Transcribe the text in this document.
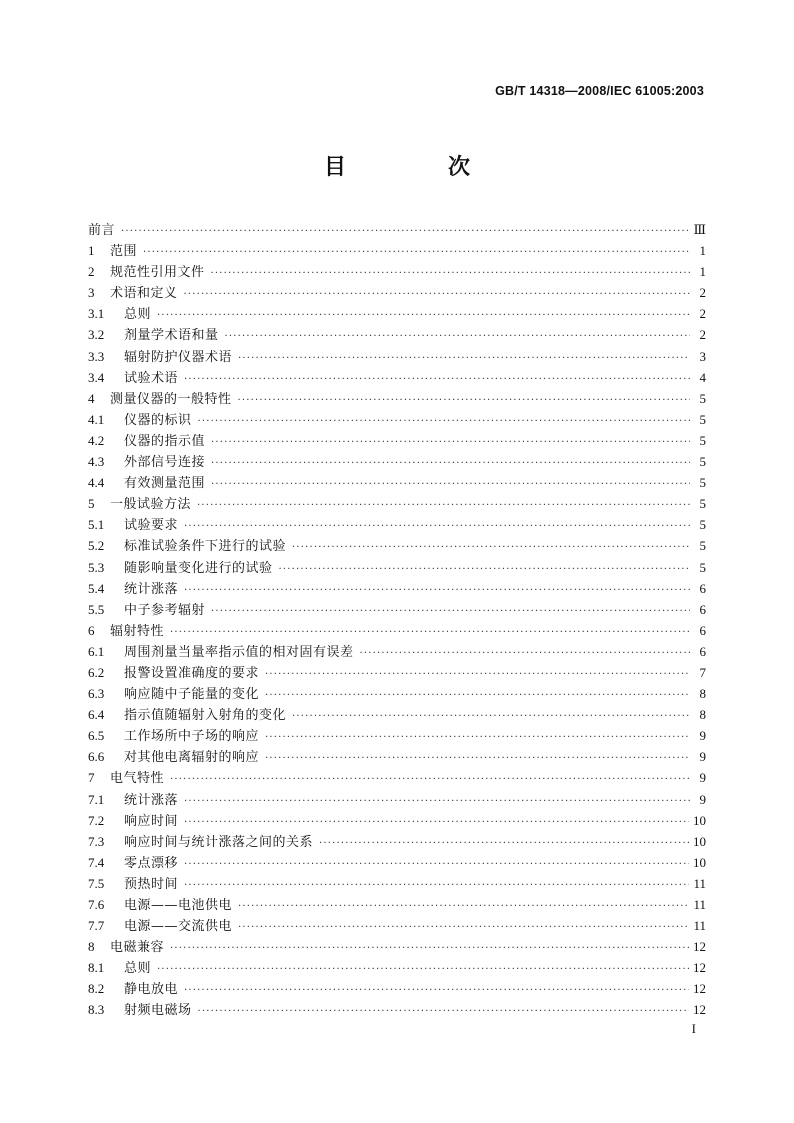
GB/T 14318—2008/IEC 61005:2003
目　次
前言 ·····	Ⅲ
1	范围 ·····	1
2	规范性引用文件 ·····	1
3	术语和定义 ·····	2
3.1	总则 ·····	2
3.2	剂量学术语和量 ·····	2
3.3	辐射防护仪器术语 ·····	3
3.4	试验术语 ·····	4
4	测量仪器的一般特性 ·····	5
4.1	仪器的标识 ·····	5
4.2	仪器的指示值 ·····	5
4.3	外部信号连接 ·····	5
4.4	有效测量范围 ·····	5
5	一般试验方法 ·····	5
5.1	试验要求 ·····	5
5.2	标准试验条件下进行的试验 ·····	5
5.3	随影响量变化进行的试验 ·····	5
5.4	统计涨落 ·····	6
5.5	中子参考辐射 ·····	6
6	辐射特性 ·····	6
6.1	周围剂量当量率指示值的相对固有误差 ·····	6
6.2	报警设置准确度的要求 ·····	7
6.3	响应随中子能量的变化 ·····	8
6.4	指示值随辐射入射角的变化 ·····	8
6.5	工作场所中子场的响应 ·····	9
6.6	对其他电离辐射的响应 ·····	9
7	电气特性 ·····	9
7.1	统计涨落 ·····	9
7.2	响应时间 ·····	10
7.3	响应时间与统计涨落之间的关系 ·····	10
7.4	零点漂移 ·····	10
7.5	预热时间 ·····	11
7.6	电源——电池供电 ·····	11
7.7	电源——交流供电 ·····	11
8	电磁兼容 ·····	12
8.1	总则 ·····	12
8.2	静电放电 ·····	12
8.3	射频电磁场 ·····	12
I
